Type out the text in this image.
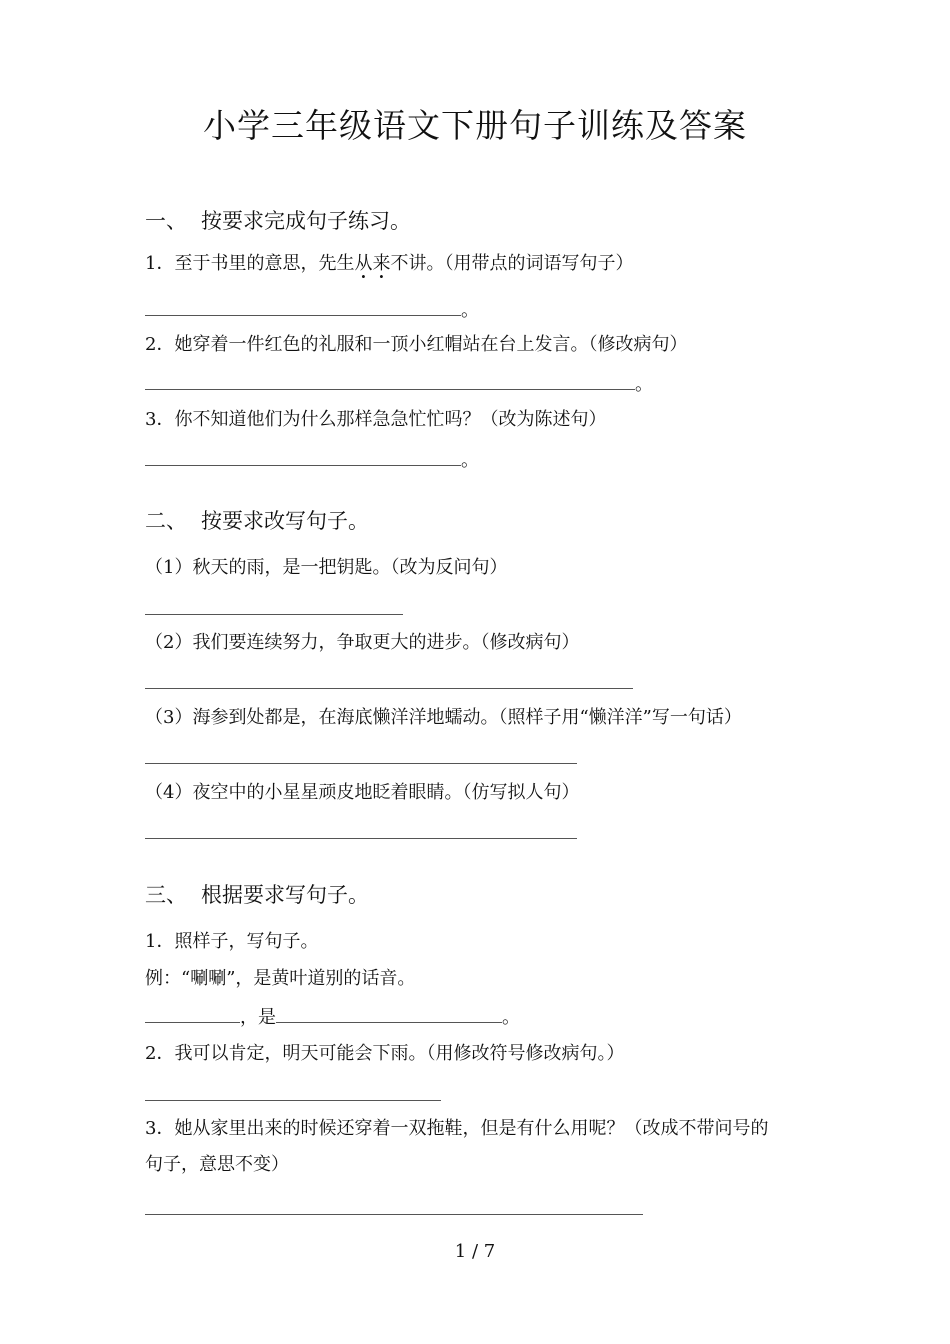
小学三年级语文下册句子训练及答案
一、 按要求完成句子练习。
1．至于书里的意思，先生从来不讲。（用带点的词语写句子）
。
2．她穿着一件红色的礼服和一顶小红帽站在台上发言。（修改病句）
。
3．你不知道他们为什么那样急急忙忙吗？（改为陈述句）
。
二、 按要求改写句子。
（1）秋天的雨，是一把钥匙。（改为反问句）
（2）我们要连续努力，争取更大的进步。（修改病句）
（3）海参到处都是，在海底懒洋洋地蠕动。（照样子用“懒洋洋”写一句话）
（4）夜空中的小星星顽皮地眨着眼睛。（仿写拟人句）
三、 根据要求写句子。
1．照样子，写句子。
例：“唰唰”，是黄叶道别的话音。
，是	。
2．我可以肯定，明天可能会下雨。（用修改符号修改病句。）
3．她从家里出来的时候还穿着一双拖鞋，但是有什么用呢？（改成不带问号的
句子，意思不变）
1 / 7
